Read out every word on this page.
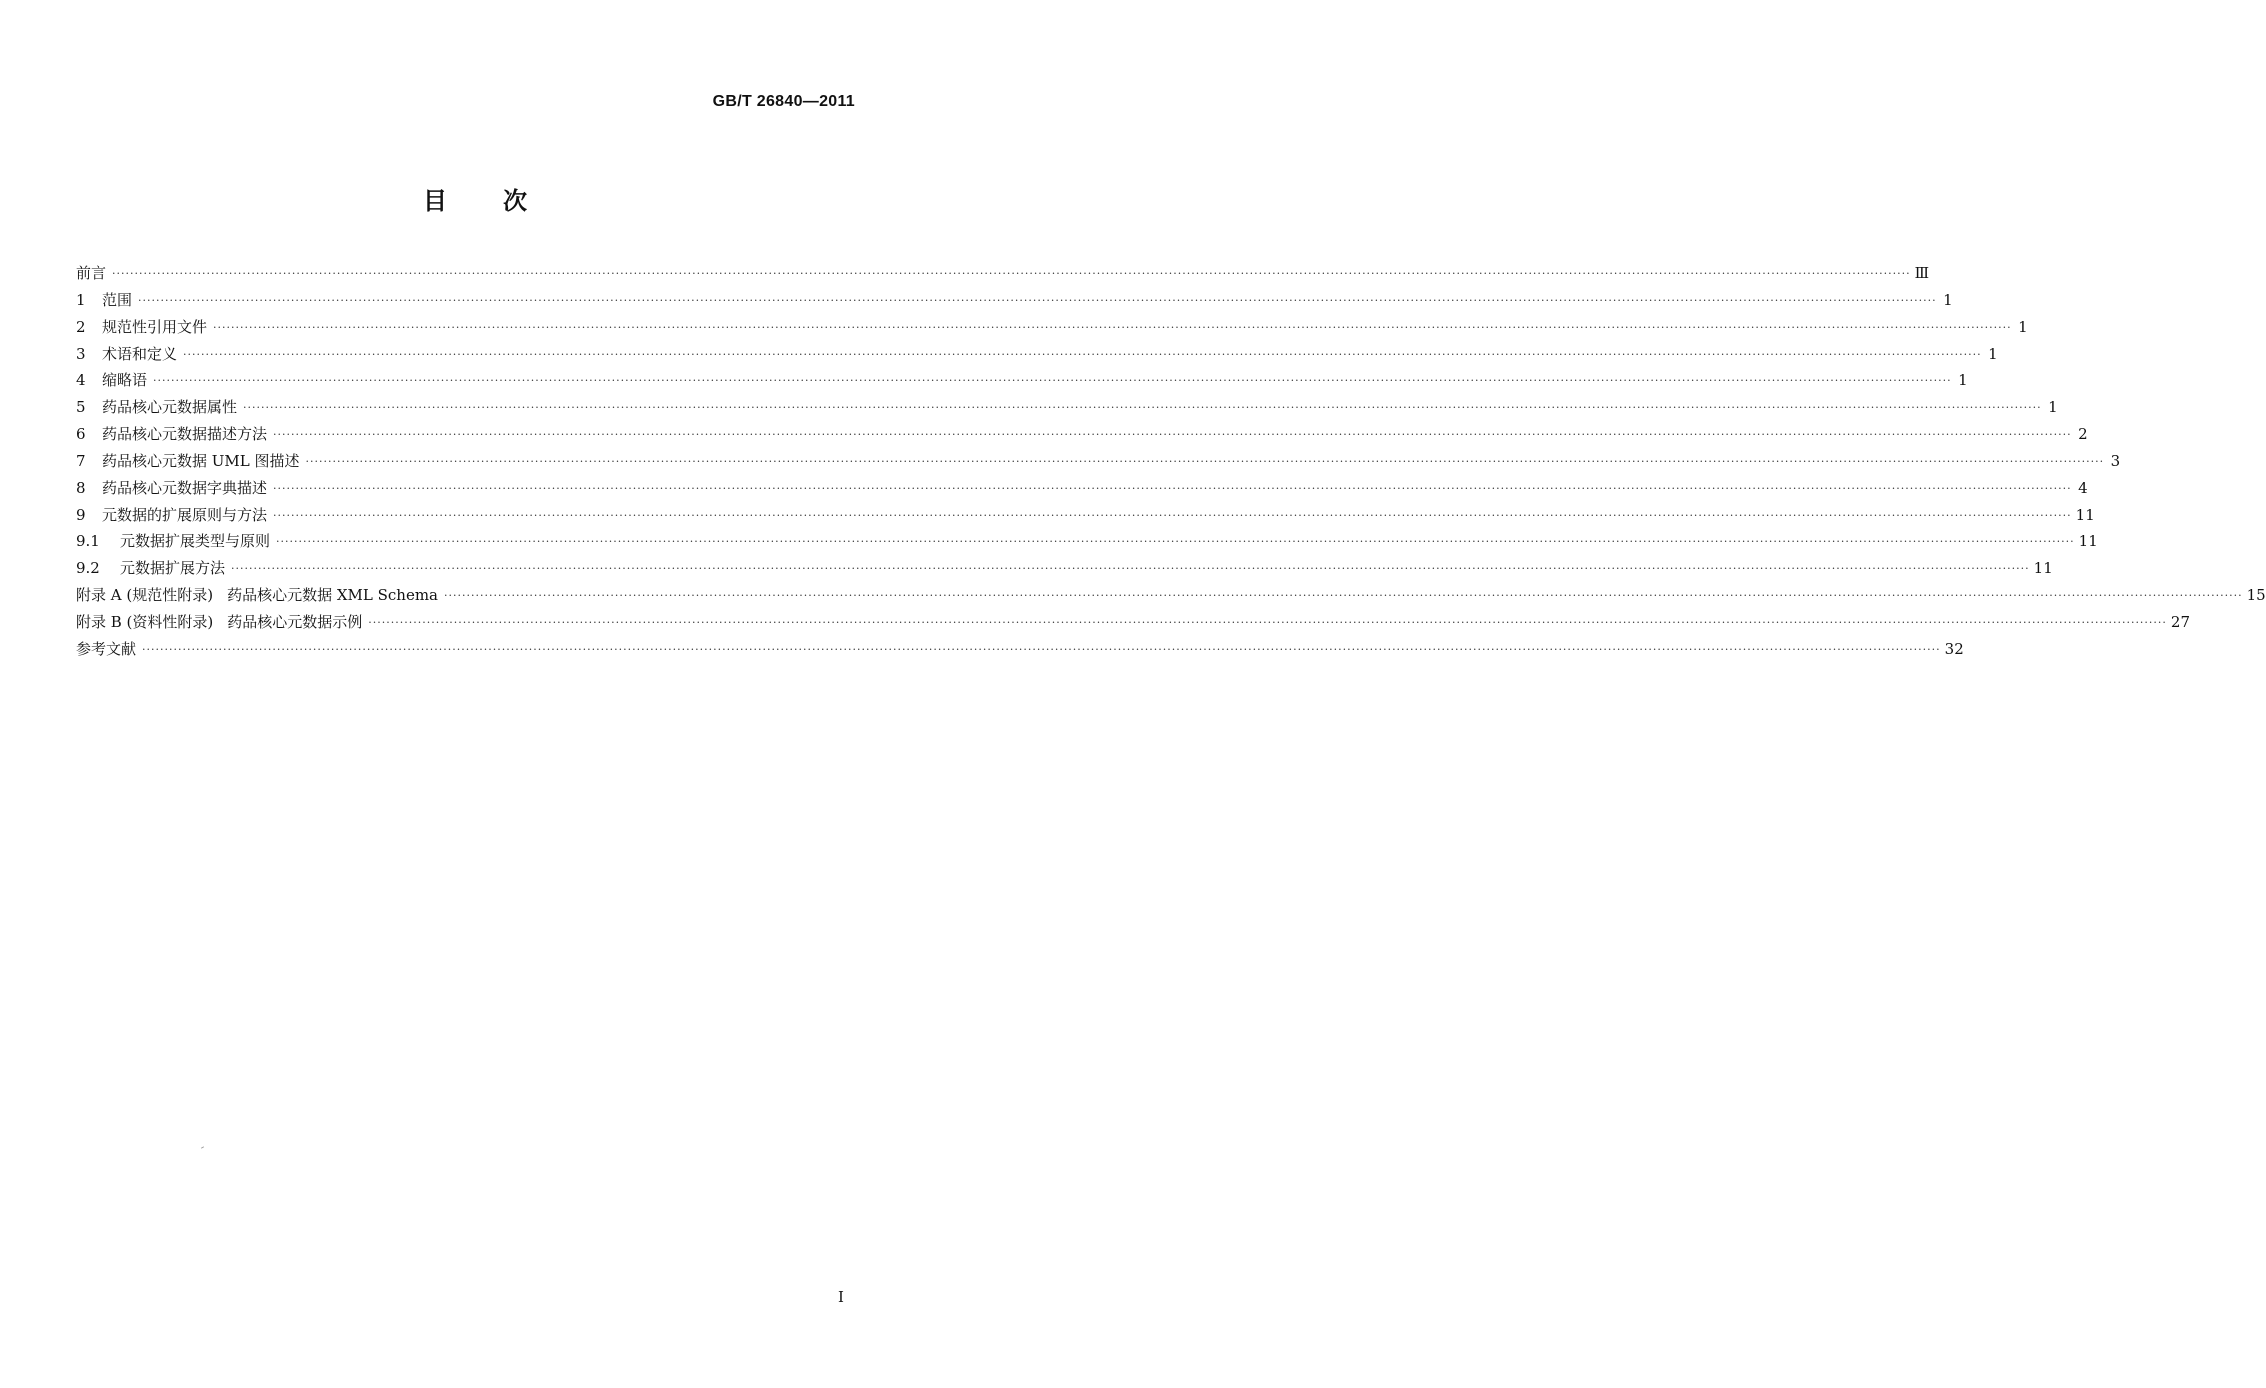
GB/T 26840—2011
目 次
前言 ················································································································································································································································································································································································································ Ⅲ
1	范围 ················································································································································································································································································································································································································ 1
2	规范性引用文件 ················································································································································································································································································································································································································ 1
3	术语和定义 ················································································································································································································································································································································································································ 1
4	缩略语 ················································································································································································································································································································································································································ 1
5	药品核心元数据属性 ················································································································································································································································································································································································································ 1
6	药品核心元数据描述方法 ················································································································································································································································································································································································································ 2
7	药品核心元数据 UML 图描述 ················································································································································································································································································································································································································ 3
8	药品核心元数据字典描述 ················································································································································································································································································································································································································ 4
9	元数据的扩展原则与方法 ················································································································································································································································································································································································································ 11
9.1	元数据扩展类型与原则 ················································································································································································································································································································································································································ 11
9.2	元数据扩展方法 ················································································································································································································································································································································································································ 11
附录 A (规范性附录) 药品核心元数据 XML Schema ················································································································································································································································································································································································································ 15
附录 B (资料性附录) 药品核心元数据示例 ················································································································································································································································································································································································································ 27
参考文献 ················································································································································································································································································································································································································ 32
I
